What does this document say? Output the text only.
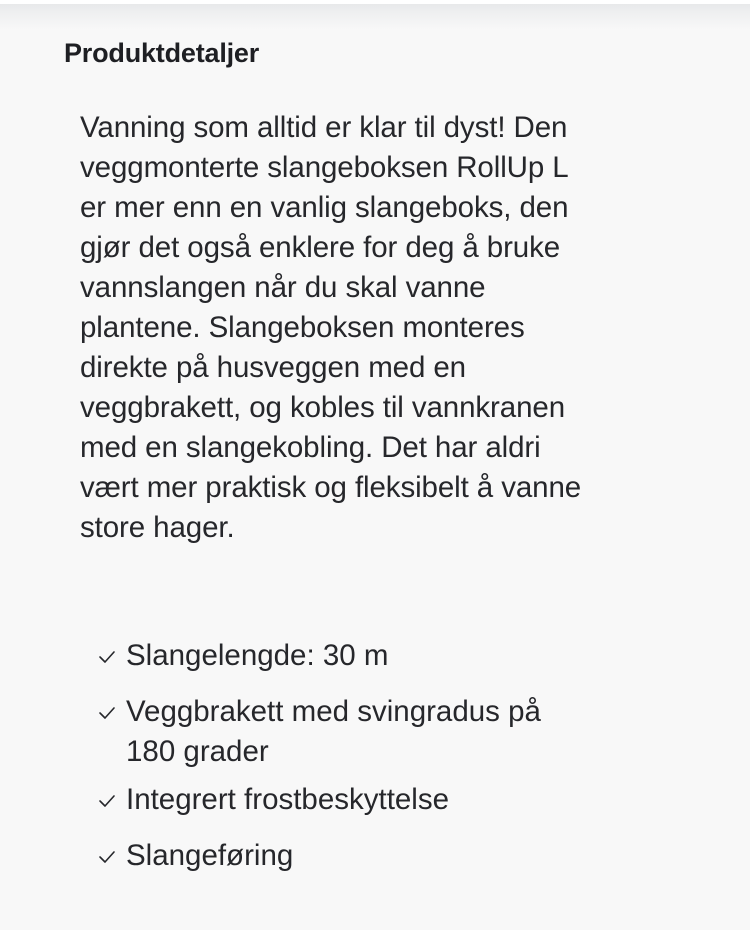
Produktdetaljer
Vanning som alltid er klar til dyst! Den
veggmonterte slangeboksen RollUp L
er mer enn en vanlig slangeboks, den
gjør det også enklere for deg å bruke
vannslangen når du skal vanne
plantene. Slangeboksen monteres
direkte på husveggen med en
veggbrakett, og kobles til vannkranen
med en slangekobling. Det har aldri
vært mer praktisk og fleksibelt å vanne
store hager.
Slangelengde: 30 m
Veggbrakett med svingradus på
180 grader
Integrert frostbeskyttelse
Slangeføring
